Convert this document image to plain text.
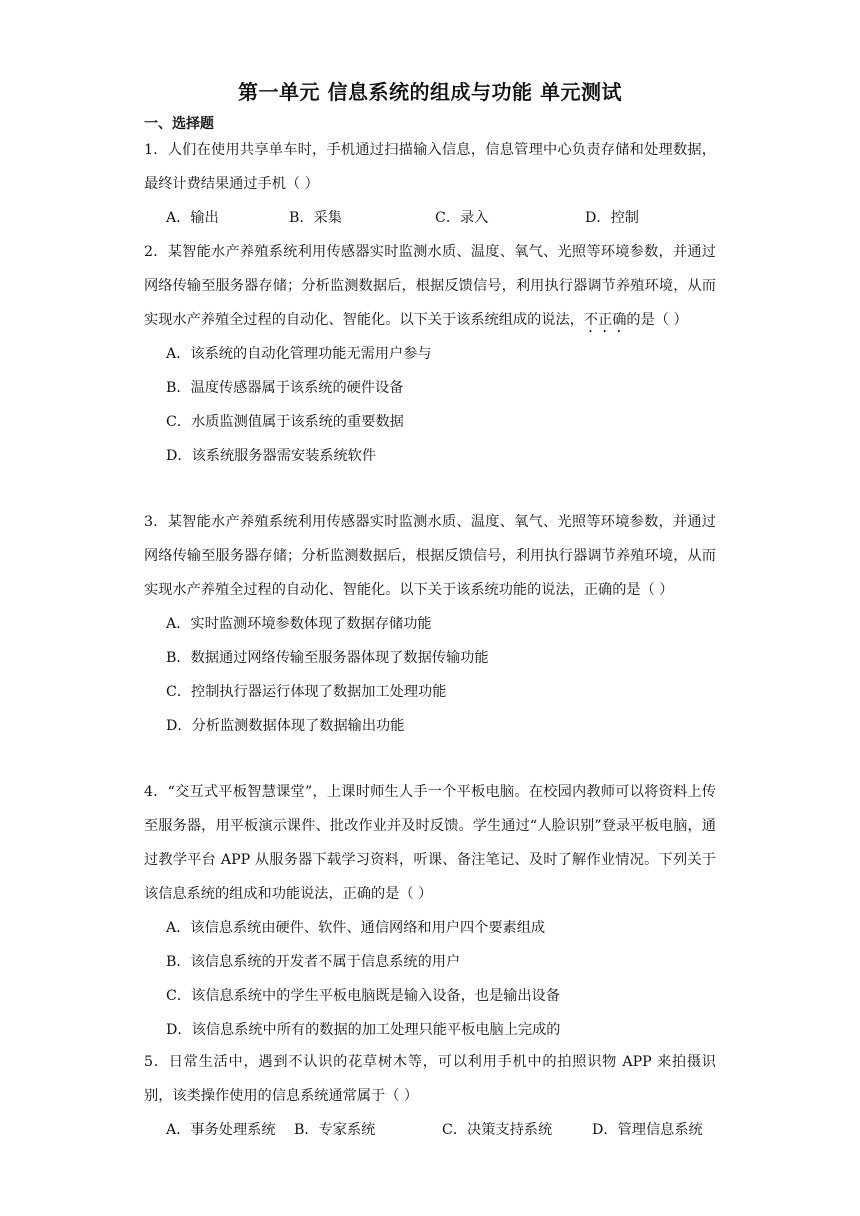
第一单元 信息系统的组成与功能 单元测试
一、选择题
1．人们在使用共享单车时，手机通过扫描输入信息，信息管理中心负责存储和处理数据，最终计费结果通过手机（ ）
A．输出	B．采集	C．录入	D．控制
2．某智能水产养殖系统利用传感器实时监测水质、温度、氧气、光照等环境参数，并通过网络传输至服务器存储；分析监测数据后，根据反馈信号，利用执行器调节养殖环境，从而实现水产养殖全过程的自动化、智能化。以下关于该系统组成的说法，不正确的是（ ）
A．该系统的自动化管理功能无需用户参与
B．温度传感器属于该系统的硬件设备
C．水质监测值属于该系统的重要数据
D．该系统服务器需安装系统软件
3．某智能水产养殖系统利用传感器实时监测水质、温度、氧气、光照等环境参数，并通过网络传输至服务器存储；分析监测数据后，根据反馈信号，利用执行器调节养殖环境，从而实现水产养殖全过程的自动化、智能化。以下关于该系统功能的说法，正确的是（ ）
A．实时监测环境参数体现了数据存储功能
B．数据通过网络传输至服务器体现了数据传输功能
C．控制执行器运行体现了数据加工处理功能
D．分析监测数据体现了数据输出功能
4．“交互式平板智慧课堂”，上课时师生人手一个平板电脑。在校园内教师可以将资料上传至服务器，用平板演示课件、批改作业并及时反馈。学生通过“人脸识别”登录平板电脑，通过教学平台 APP 从服务器下载学习资料，听课、备注笔记、及时了解作业情况。下列关于该信息系统的组成和功能说法，正确的是（ ）
A．该信息系统由硬件、软件、通信网络和用户四个要素组成
B．该信息系统的开发者不属于信息系统的用户
C．该信息系统中的学生平板电脑既是输入设备，也是输出设备
D．该信息系统中所有的数据的加工处理只能平板电脑上完成的
5．日常生活中，遇到不认识的花草树木等，可以利用手机中的拍照识物 APP 来拍摄识别，该类操作使用的信息系统通常属于（ ）
A．事务处理系统	B．专家系统	C．决策支持系统	D．管理信息系统
